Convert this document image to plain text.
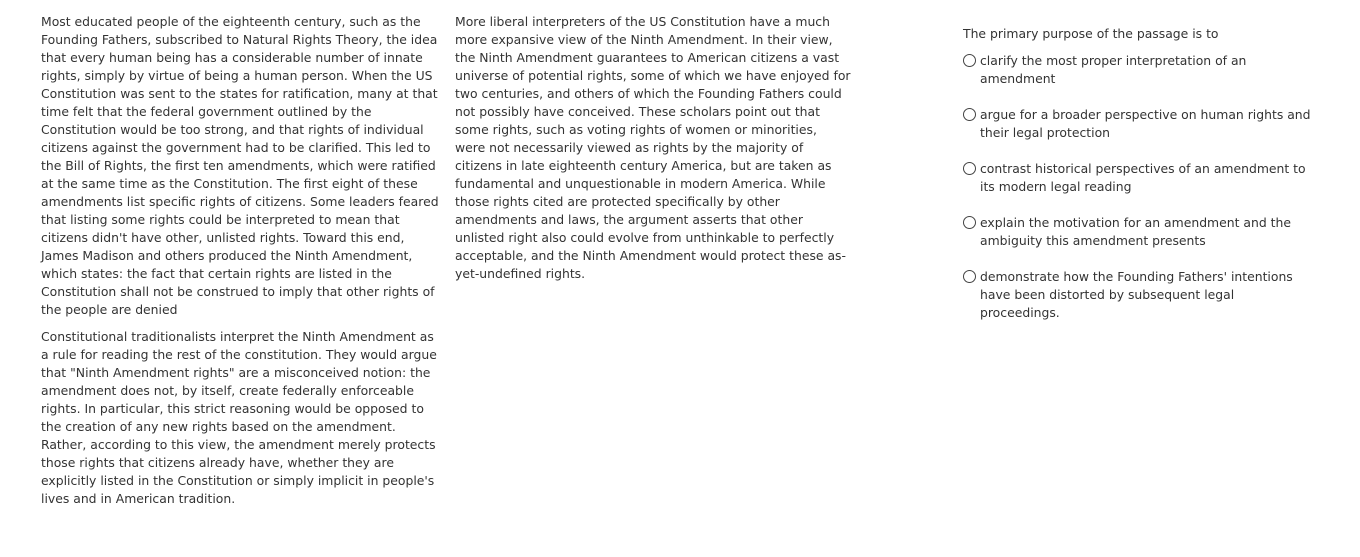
Most educated people of the eighteenth century, such as the Founding Fathers, subscribed to Natural Rights Theory, the idea that every human being has a considerable number of innate rights, simply by virtue of being a human person. When the US Constitution was sent to the states for ratification, many at that time felt that the federal government outlined by the Constitution would be too strong, and that rights of individual citizens against the government had to be clarified. This led to the Bill of Rights, the first ten amendments, which were ratified at the same time as the Constitution. The first eight of these amendments list specific rights of citizens. Some leaders feared that listing some rights could be interpreted to mean that citizens didn't have other, unlisted rights. Toward this end, James Madison and others produced the Ninth Amendment, which states: the fact that certain rights are listed in the Constitution shall not be construed to imply that other rights of the people are denied

Constitutional traditionalists interpret the Ninth Amendment as a rule for reading the rest of the constitution. They would argue that "Ninth Amendment rights" are a misconceived notion: the amendment does not, by itself, create federally enforceable rights. In particular, this strict reasoning would be opposed to the creation of any new rights based on the amendment. Rather, according to this view, the amendment merely protects those rights that citizens already have, whether they are explicitly listed in the Constitution or simply implicit in people's lives and in American tradition.

More liberal interpreters of the US Constitution have a much more expansive view of the Ninth Amendment. In their view, the Ninth Amendment guarantees to American citizens a vast universe of potential rights, some of which we have enjoyed for two centuries, and others of which the Founding Fathers could not possibly have conceived. These scholars point out that some rights, such as voting rights of women or minorities, were not necessarily viewed as rights by the majority of citizens in late eighteenth century America, but are taken as fundamental and unquestionable in modern America. While those rights cited are protected specifically by other amendments and laws, the argument asserts that other unlisted right also could evolve from unthinkable to perfectly acceptable, and the Ninth Amendment would protect these as-yet-undefined rights.

The primary purpose of the passage is to
clarify the most proper interpretation of an amendment
argue for a broader perspective on human rights and their legal protection
contrast historical perspectives of an amendment to its modern legal reading
explain the motivation for an amendment and the ambiguity this amendment presents
demonstrate how the Founding Fathers' intentions have been distorted by subsequent legal proceedings.
